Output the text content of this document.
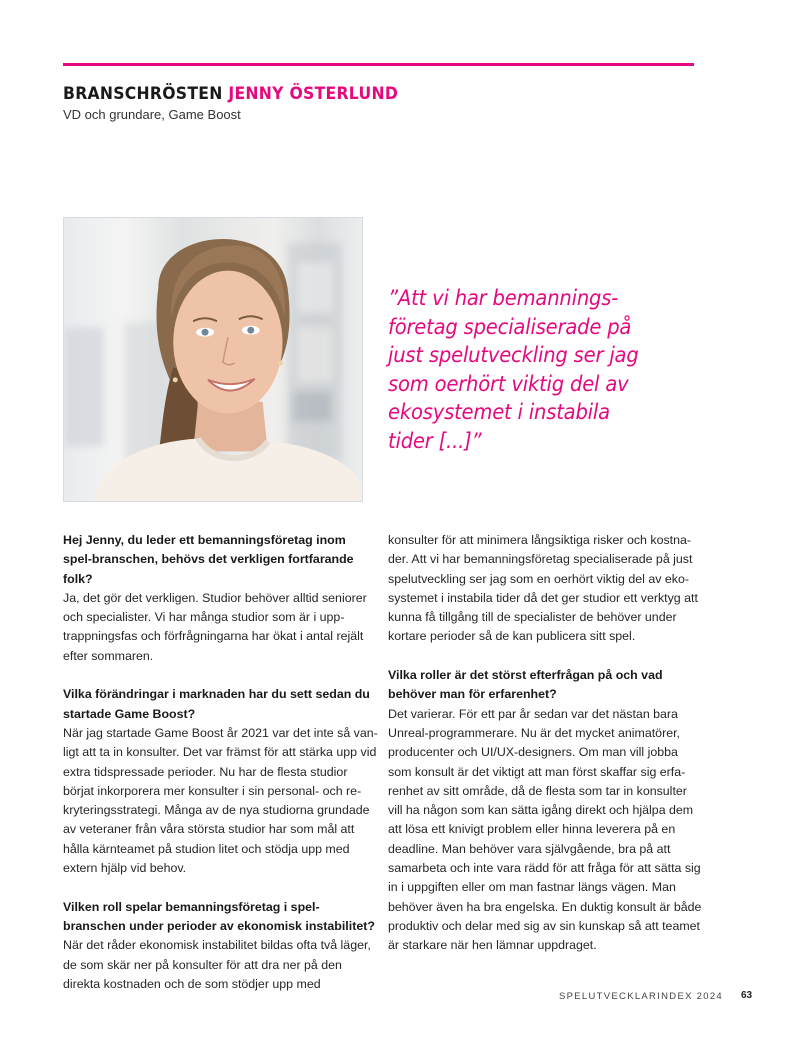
BRANSCHRÖSTEN JENNY ÖSTERLUND
VD och grundare, Game Boost
”Att vi har bemannings-företag specialiserade på just spelutveckling ser jag som oerhört viktig del av ekosystemet i instabila tider [...]”

Hej Jenny, du leder ett bemanningsföretag inom spel-branschen, behövs det verkligen fortfarande folk?
Ja, det gör det verkligen. Studior behöver alltid seniorer och specialister. Vi har många studior som är i upp-trappningsfas och förfrågningarna har ökat i antal rejält efter sommaren.

Vilka förändringar i marknaden har du sett sedan du startade Game Boost?
När jag startade Game Boost år 2021 var det inte så van-ligt att ta in konsulter. Det var främst för att stärka upp vid extra tidspressade perioder. Nu har de flesta studior börjat inkorporera mer konsulter i sin personal- och re-kryteringsstrategi. Många av de nya studiorna grundade av veteraner från våra största studior har som mål att hålla kärnteamet på studion litet och stödja upp med extern hjälp vid behov.

Vilken roll spelar bemanningsföretag i spel-branschen under perioder av ekonomisk instabilitet?
När det råder ekonomisk instabilitet bildas ofta två läger, de som skär ner på konsulter för att dra ner på den direkta kostnaden och de som stödjer upp med

konsulter för att minimera långsiktiga risker och kostna-der. Att vi har bemanningsföretag specialiserade på just spelutveckling ser jag som en oerhört viktig del av eko-systemet i instabila tider då det ger studior ett verktyg att kunna få tillgång till de specialister de behöver under kortare perioder så de kan publicera sitt spel.

Vilka roller är det störst efterfrågan på och vad behöver man för erfarenhet?
Det varierar. För ett par år sedan var det nästan bara Unreal-programmerare. Nu är det mycket animatörer, producenter och UI/UX-designers. Om man vill jobba som konsult är det viktigt att man först skaffar sig erfa-renhet av sitt område, då de flesta som tar in konsulter vill ha någon som kan sätta igång direkt och hjälpa dem att lösa ett knivigt problem eller hinna leverera på en deadline. Man behöver vara självgående, bra på att samarbeta och inte vara rädd för att fråga för att sätta sig in i uppgiften eller om man fastnar längs vägen. Man behöver även ha bra engelska. En duktig konsult är både produktiv och delar med sig av sin kunskap så att teamet är starkare när hen lämnar uppdraget.

SPELUTVECKLARINDEX 2024 63
